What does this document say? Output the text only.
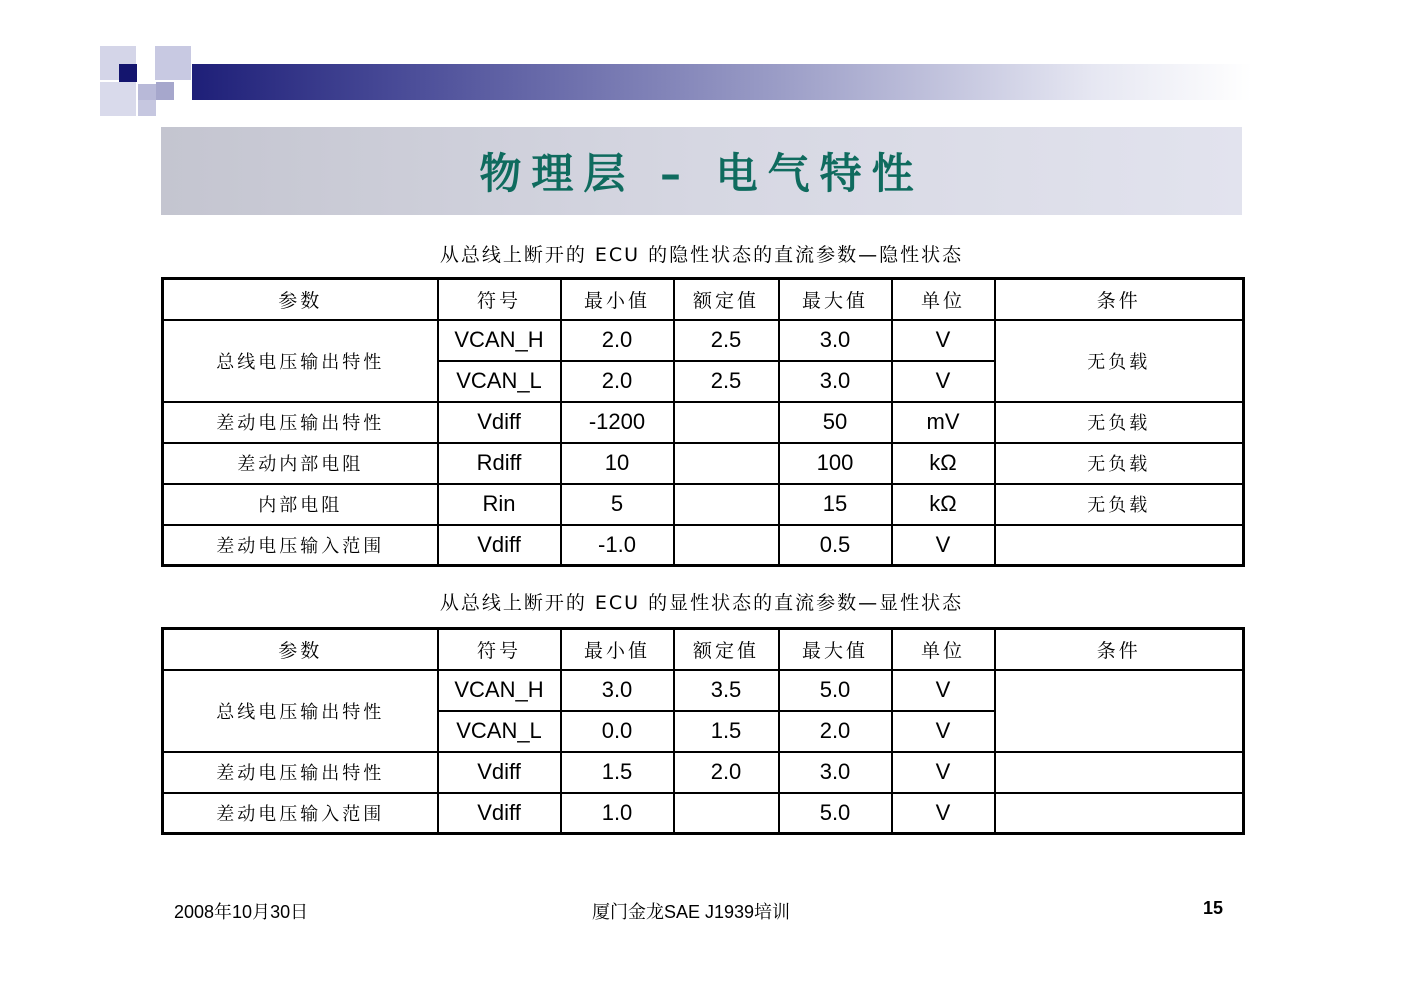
物理层 – 电气特性
从总线上断开的 ECU 的隐性状态的直流参数—隐性状态
参数	符号	最小值	额定值	最大值	单位	条件
总线电压输出特性	VCAN_H	2.0	2.5	3.0	V	无负载
	VCAN_L	2.0	2.5	3.0	V	
差动电压输出特性	Vdiff	-1200		50	mV	无负载
差动内部电阻	Rdiff	10		100	kΩ	无负载
内部电阻	Rin	5		15	kΩ	无负载
差动电压输入范围	Vdiff	-1.0		0.5	V	
从总线上断开的 ECU 的显性状态的直流参数—显性状态
参数	符号	最小值	额定值	最大值	单位	条件
总线电压输出特性	VCAN_H	3.0	3.5	5.0	V	
	VCAN_L	0.0	1.5	2.0	V	
差动电压输出特性	Vdiff	1.5	2.0	3.0	V	
差动电压输入范围	Vdiff	1.0		5.0	V	
2008年10月30日	厦门金龙SAE J1939培训	15
